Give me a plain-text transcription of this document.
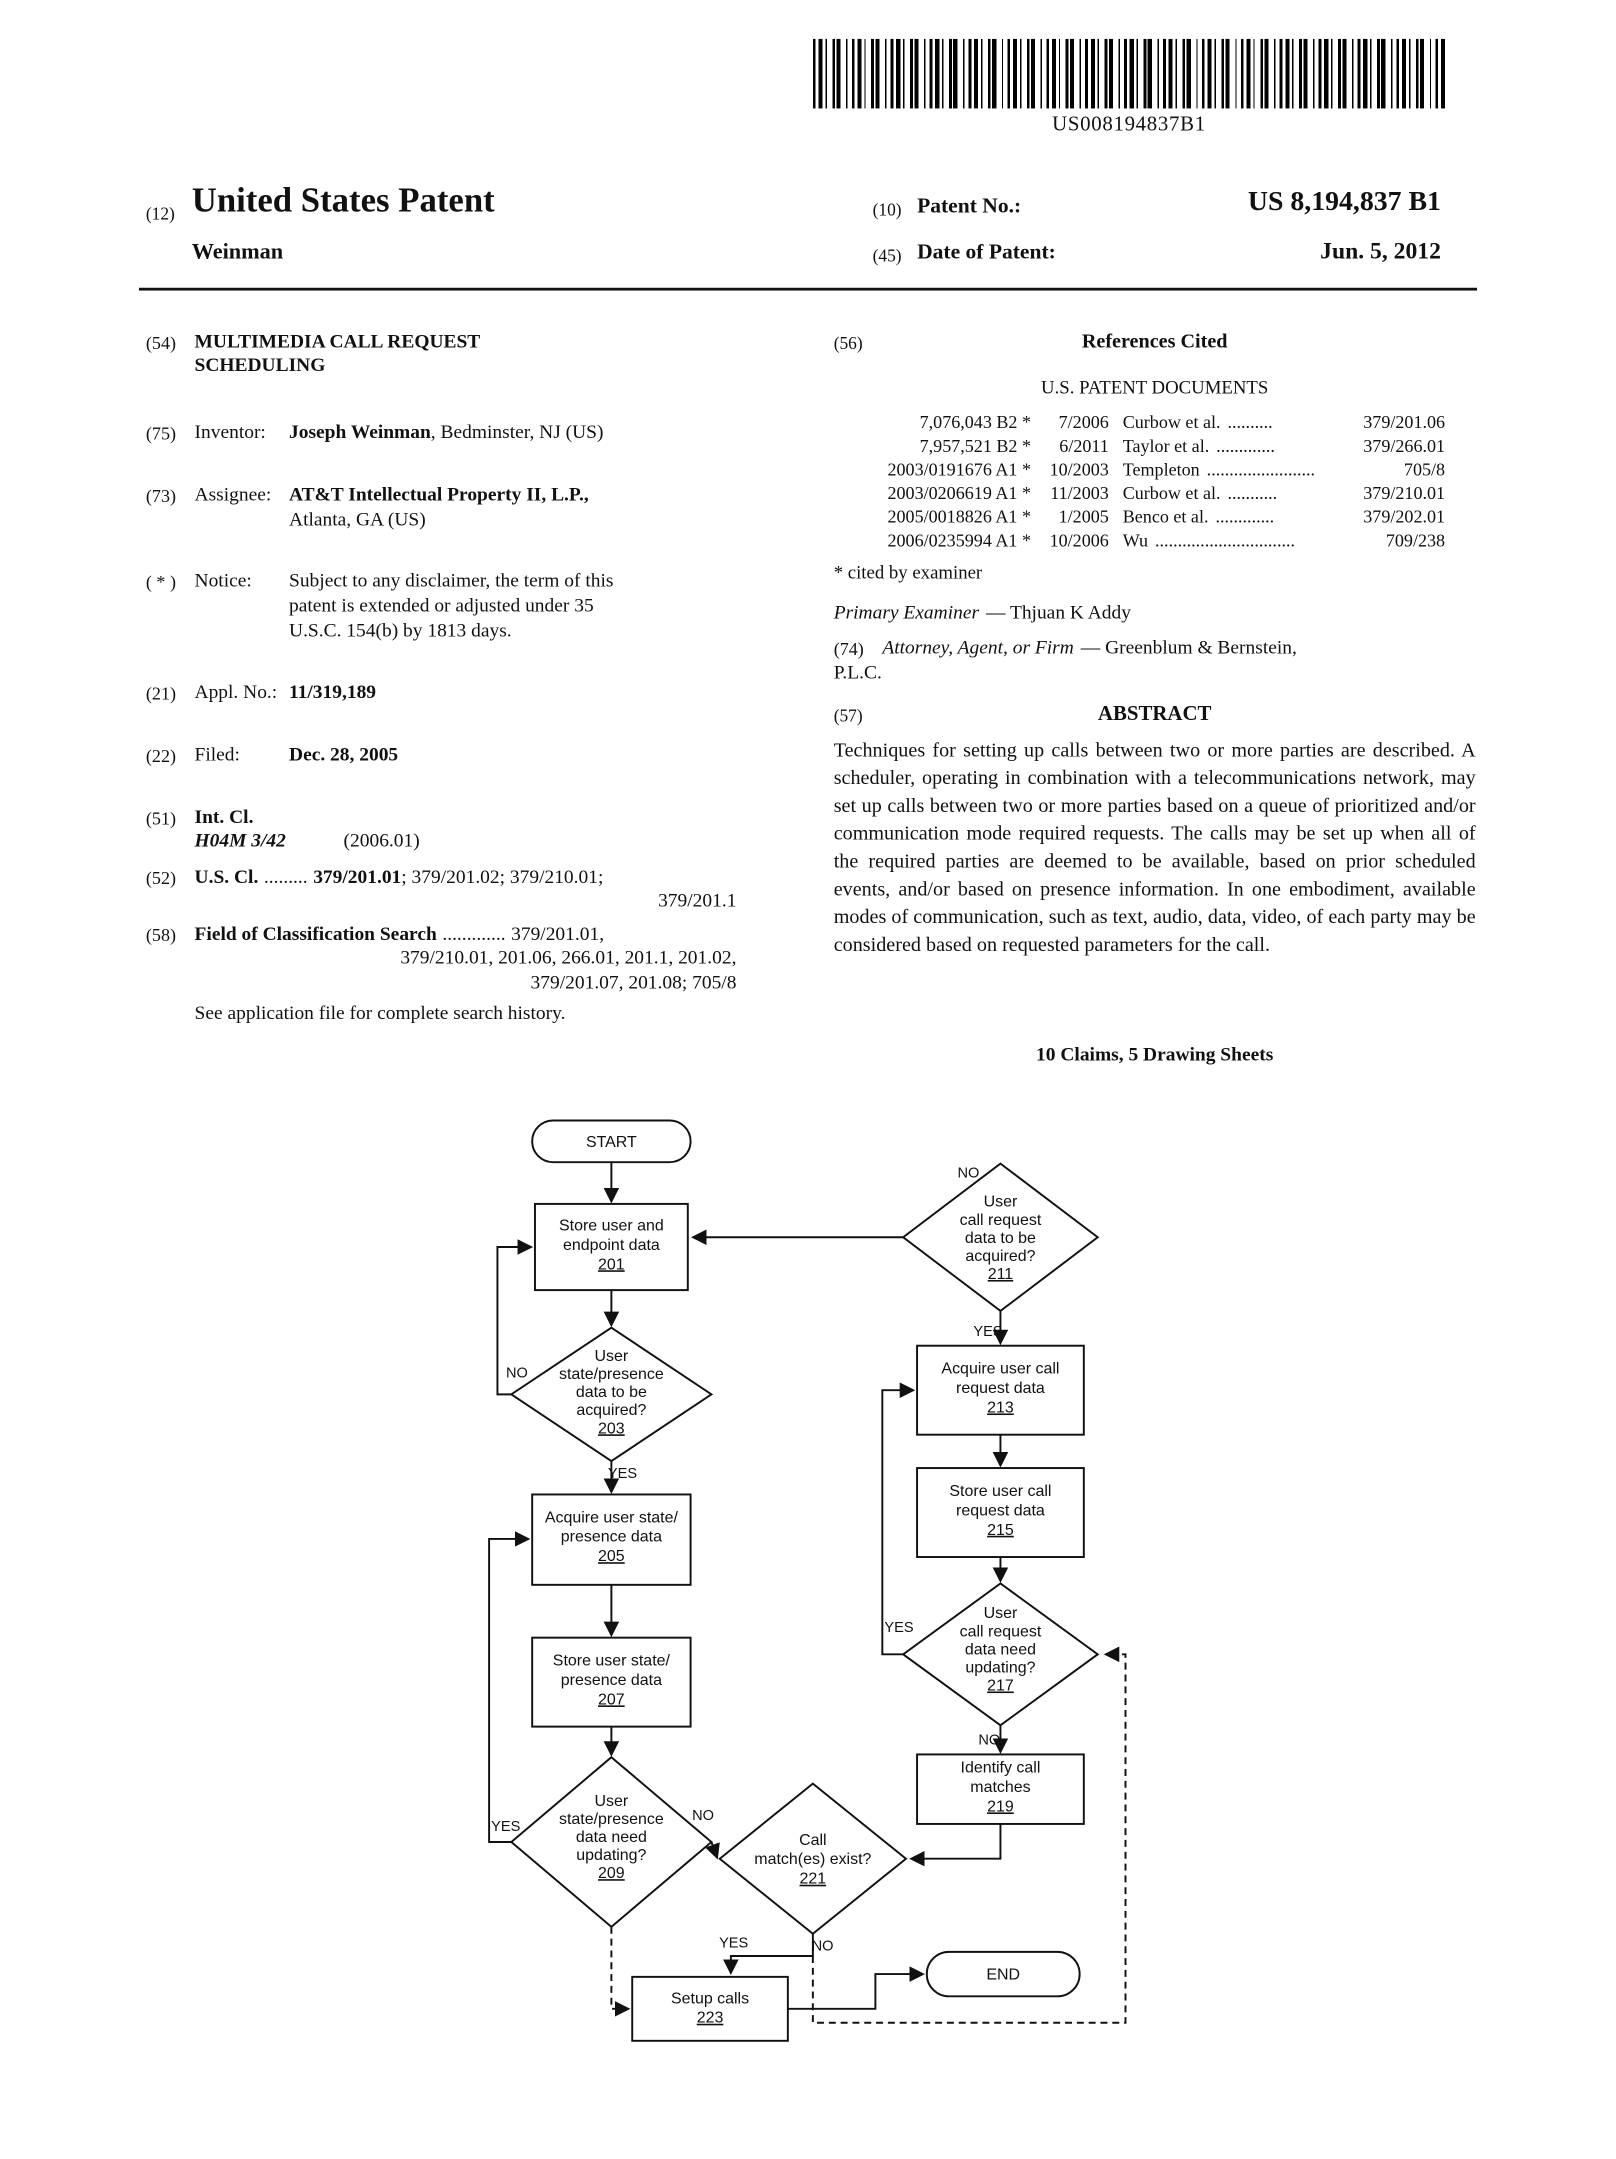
US008194837B1
(12) United States Patent
Weinman
(10) Patent No.:	US 8,194,837 B1
(45) Date of Patent:	Jun. 5, 2012
(54)	MULTIMEDIA CALL REQUEST
SCHEDULING
(75)	Inventor:	Joseph Weinman, Bedminster, NJ (US)
(73)	Assignee:	AT&T Intellectual Property II, L.P.,
Atlanta, GA (US)
( * )	Notice:	Subject to any disclaimer, the term of this
patent is extended or adjusted under 35
U.S.C. 154(b) by 1813 days.
(21)	Appl. No.: 11/319,189
(22)	Filed:	Dec. 28, 2005
(51)	Int. Cl.
H04M 3/42	(2006.01)
(52)	U.S. Cl. ......... 379/201.01; 379/201.02; 379/210.01;
379/201.1
(58)	Field of Classification Search ............. 379/201.01,
379/210.01, 201.06, 266.01, 201.1, 201.02,
379/201.07, 201.08; 705/8
See application file for complete search history.
(56)	References Cited
U.S. PATENT DOCUMENTS
7,076,043 B2 *	7/2006	Curbow et al. ..........	379/201.06
7,957,521 B2 *	6/2011	Taylor et al. .............	379/266.01
2003/0191676 A1 *	10/2003	Templeton ........................	705/8
2003/0206619 A1 *	11/2003	Curbow et al. ...........	379/210.01
2005/0018826 A1 *	1/2005	Benco et al. .............	379/202.01
2006/0235994 A1 *	10/2006	Wu ...............................	709/238
* cited by examiner
Primary Examiner — Thjuan K Addy
(74)	Attorney, Agent, or Firm — Greenblum & Bernstein,
P.L.C.
(57)	ABSTRACT
Techniques for setting up calls between two or more parties are described. A scheduler, operating in combination with a telecommunications network, may set up calls between two or more parties based on a queue of prioritized and/or communication mode required requests. The calls may be set up when all of the required parties are deemed to be available, based on prior scheduled events, and/or based on presence information. In one embodiment, available modes of communication, such as text, audio, data, video, of each party may be considered based on requested parameters for the call.
10 Claims, 5 Drawing Sheets
START
Store user and
endpoint data
201
User
state/presence
data to be
acquired?
203
Acquire user state/
presence data
205
Store user state/
presence data
207
User
state/presence
data need
updating?
209
User
call request
data to be
acquired?
211
Acquire user call
request data
213
Store user call
request data
215
User
call request
data need
updating?
217
Identify call
matches
219
Call
match(es) exist?
221
Setup calls
223
END
NO
YES
YES
NO
NO
YES
YES
NO
YES	NO
